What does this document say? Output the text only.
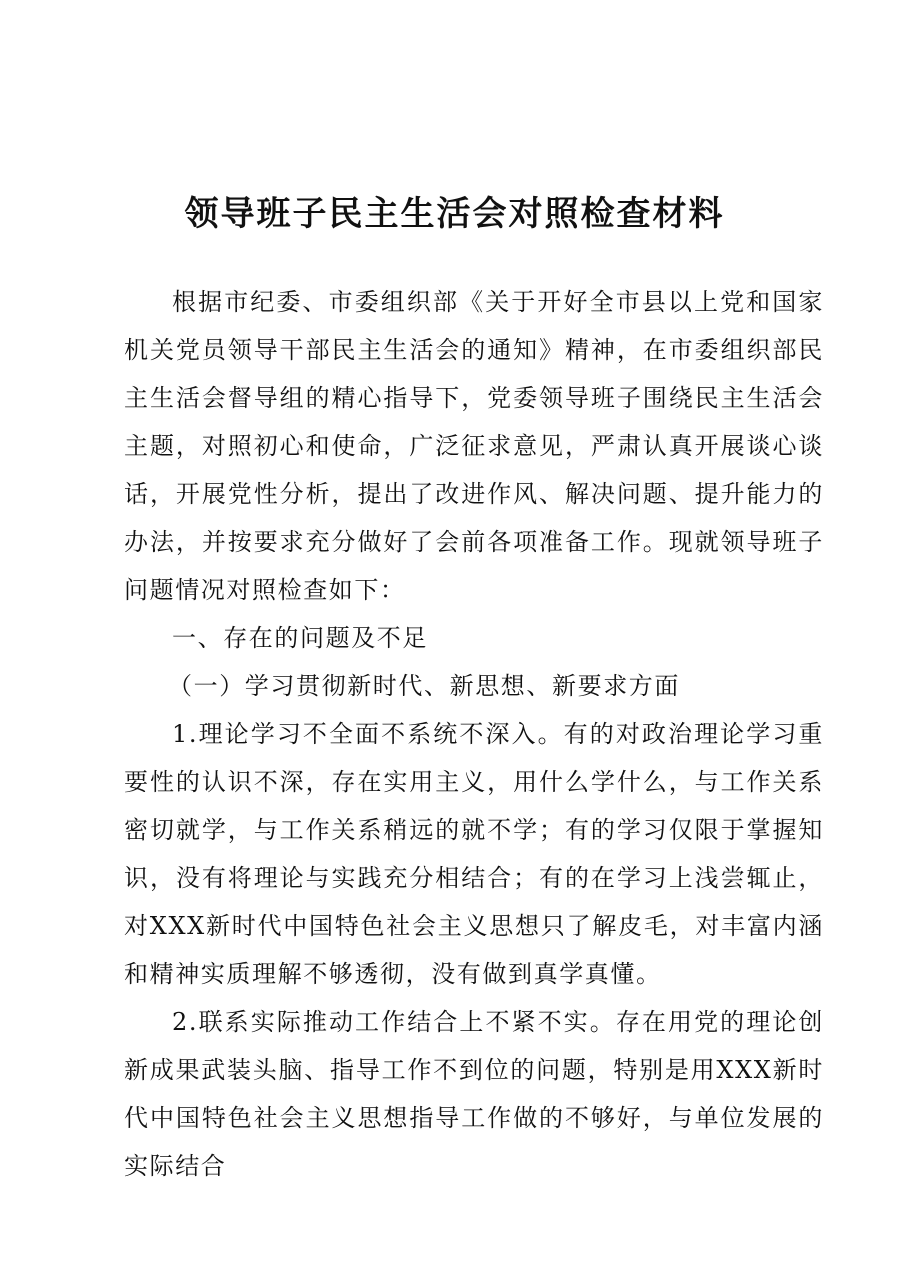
领导班子民主生活会对照检查材料

根据市纪委、市委组织部《关于开好全市县以上党和国家机关党员领导干部民主生活会的通知》精神，在市委组织部民主生活会督导组的精心指导下，党委领导班子围绕民主生活会主题，对照初心和使命，广泛征求意见，严肃认真开展谈心谈话，开展党性分析，提出了改进作风、解决问题、提升能力的办法，并按要求充分做好了会前各项准备工作。现就领导班子问题情况对照检查如下：

一、存在的问题及不足

（一）学习贯彻新时代、新思想、新要求方面

1.理论学习不全面不系统不深入。有的对政治理论学习重要性的认识不深，存在实用主义，用什么学什么，与工作关系密切就学，与工作关系稍远的就不学；有的学习仅限于掌握知识，没有将理论与实践充分相结合；有的在学习上浅尝辄止，对XXX新时代中国特色社会主义思想只了解皮毛，对丰富内涵和精神实质理解不够透彻，没有做到真学真懂。

2.联系实际推动工作结合上不紧不实。存在用党的理论创新成果武装头脑、指导工作不到位的问题，特别是用XXX新时代中国特色社会主义思想指导工作做的不够好，与单位发展的实际结合
